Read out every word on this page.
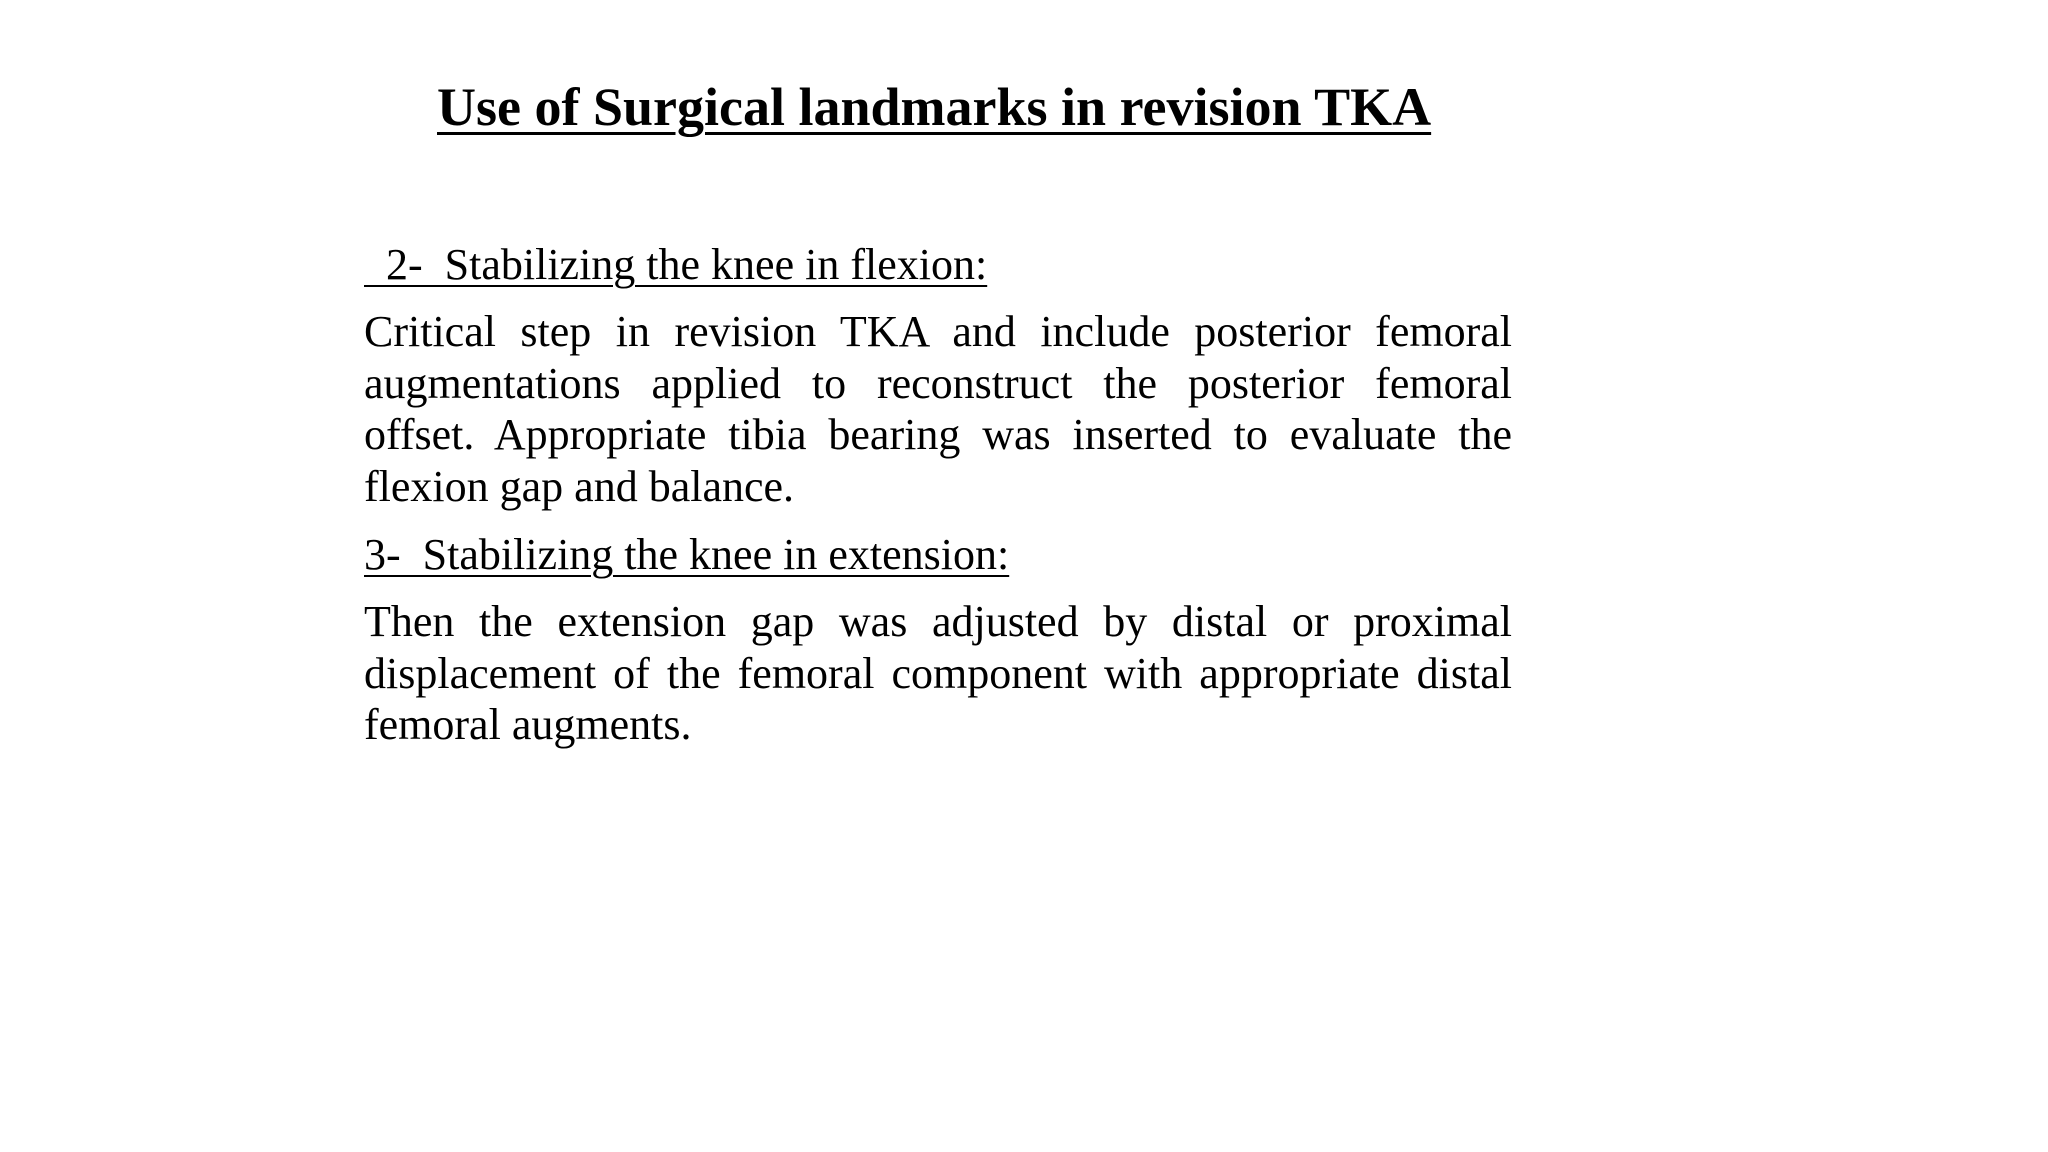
Use of Surgical landmarks in revision TKA

2-  Stabilizing the knee in flexion:

Critical step in revision TKA and include posterior femoral augmentations applied to reconstruct the posterior femoral offset. Appropriate tibia bearing was inserted to evaluate the flexion gap and balance.

3-  Stabilizing the knee in extension:

Then the extension gap was adjusted by distal or proximal displacement of the femoral component with appropriate distal femoral augments.
